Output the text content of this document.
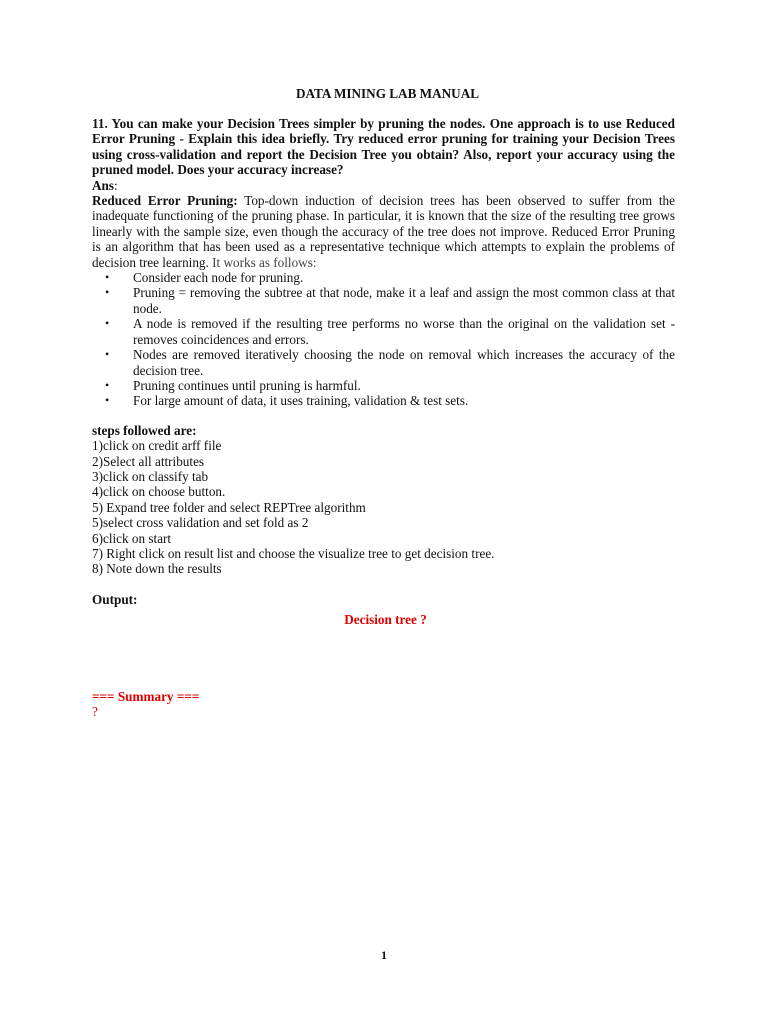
DATA MINING LAB MANUAL

11. You can make your Decision Trees simpler by pruning the nodes. One approach is to use Reduced Error Pruning - Explain this idea briefly. Try reduced error pruning for training your Decision Trees using cross-validation and report the Decision Tree you obtain? Also, report your accuracy using the pruned model. Does your accuracy increase?

Ans:

Reduced Error Pruning: Top-down induction of decision trees has been observed to suffer from the inadequate functioning of the pruning phase. In particular, it is known that the size of the resulting tree grows linearly with the sample size, even though the accuracy of the tree does not improve. Reduced Error Pruning is an algorithm that has been used as a representative technique which attempts to explain the problems of decision tree learning. It works as follows:

• Consider each node for pruning.
• Pruning = removing the subtree at that node, make it a leaf and assign the most common class at that node.
• A node is removed if the resulting tree performs no worse than the original on the validation set - removes coincidences and errors.
• Nodes are removed iteratively choosing the node on removal which increases the accuracy of the decision tree.
• Pruning continues until pruning is harmful.
• For large amount of data, it uses training, validation & test sets.

steps followed are:

1)click on credit arff file

2)Select all attributes

3)click on classify tab

4)click on choose button.

5) Expand tree folder and select REPTree algorithm

5)select cross validation and set fold as 2

6)click on start

7) Right click on result list and choose the visualize tree to get decision tree.

8) Note down the results

Output:

Decision tree ?

=== Summary ===

?

1
